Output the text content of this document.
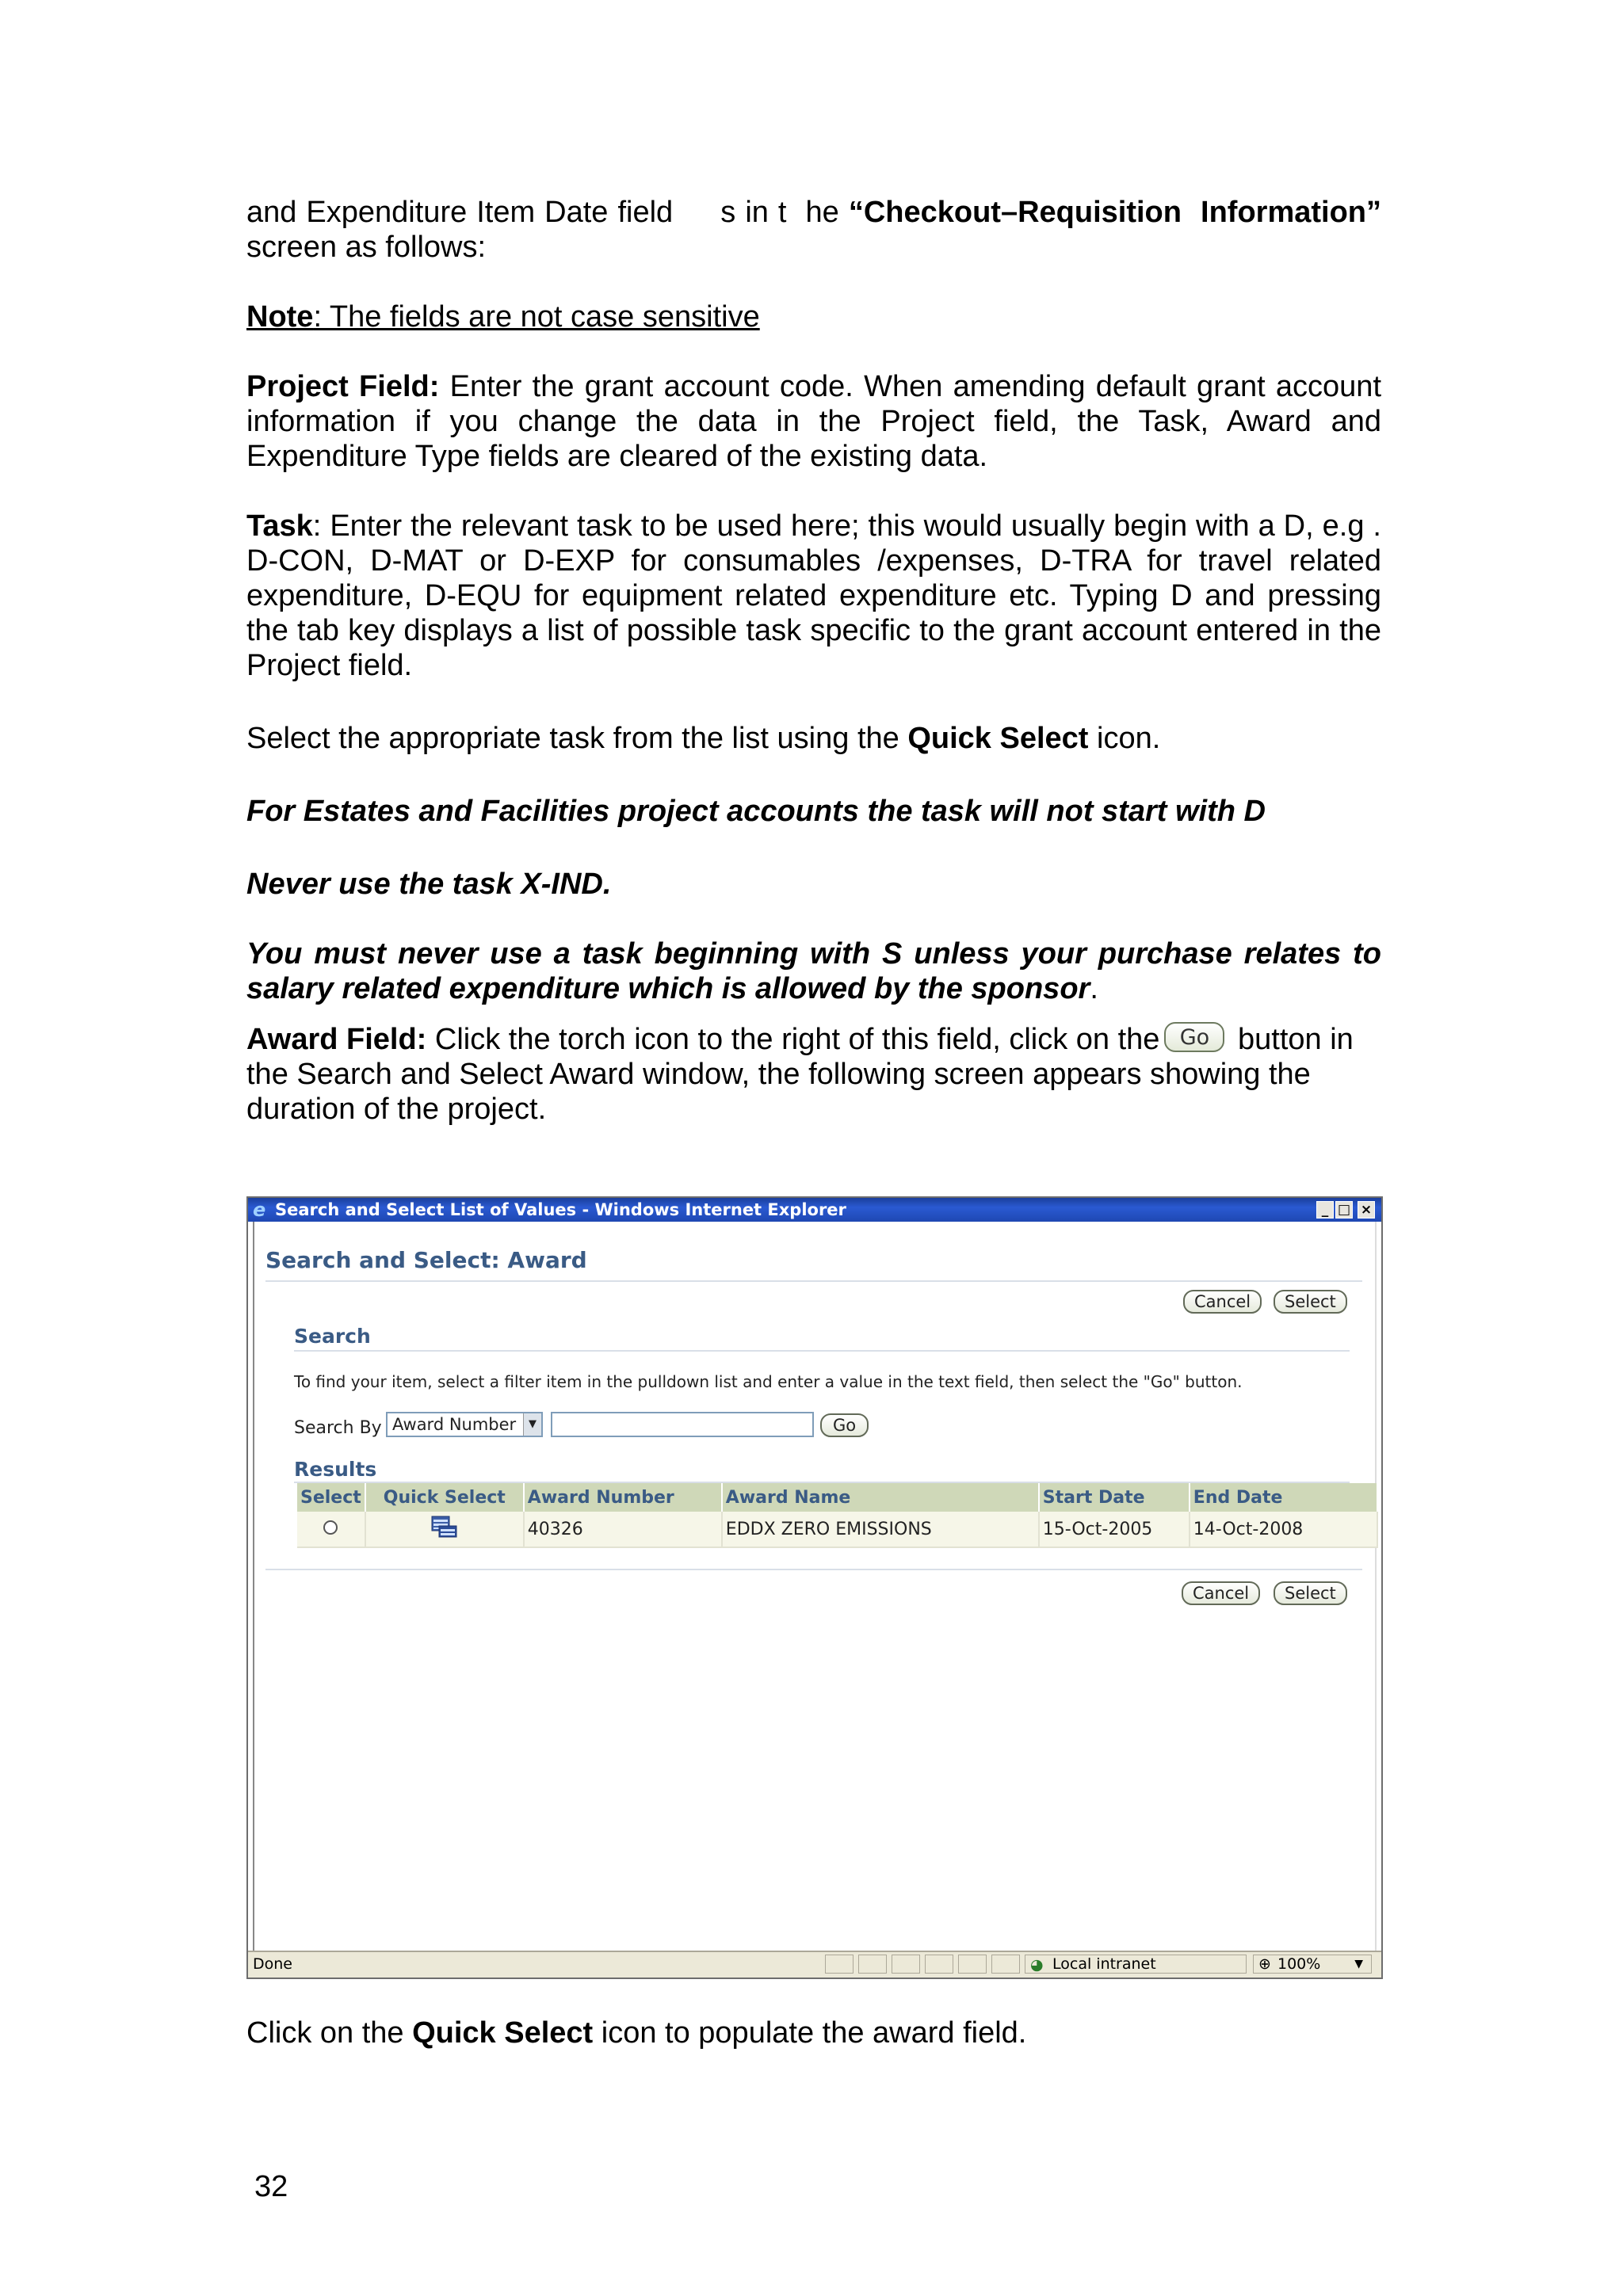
and Expenditure Item Date field     s in t  he “Checkout–Requisition  Information”

screen as follows:

Note: The fields are not case sensitive

Project Field: Enter the grant account code. When amending default grant account information if you change the data in the Project field, the Task, Award and Expenditure Type fields are cleared of the existing data.

Task: Enter the relevant task to be used here; this would usually begin with a D, e.g . D-CON, D-MAT or D-EXP for consumables /expenses, D-TRA for travel related expenditure, D-EQU for equipment related expenditure etc. Typing D and pressing the tab key displays a list of possible task specific to the grant account entered in the Project field.

Select the appropriate task from the list using the Quick Select icon.

For Estates and Facilities project accounts the task will not start with D

Never use the task X-IND.

You must never use a task beginning with S unless your purchase relates to salary related expenditure which is allowed by the sponsor.

Award Field: Click the torch icon to the right of this field, click on the Go button in the Search and Select Award window, the following screen appears showing the duration of the project.

e Search and Select List of Values - Windows Internet Explorer	_ □ ×
Search and Select: Award
Cancel	Select
Search
To find your item, select a filter item in the pulldown list and enter a value in the text field, then select the "Go" button.
Search By Award Number	▼	Go
Results
Select	Quick Select	Award Number	Award Name	Start Date	End Date
		40326	EDDX ZERO EMISSIONS	15-Oct-2005	14-Oct-2008
Cancel	Select
Done	◕ Local intranet	⊕ 100%	▼

Click on the Quick Select icon to populate the award field.

32
